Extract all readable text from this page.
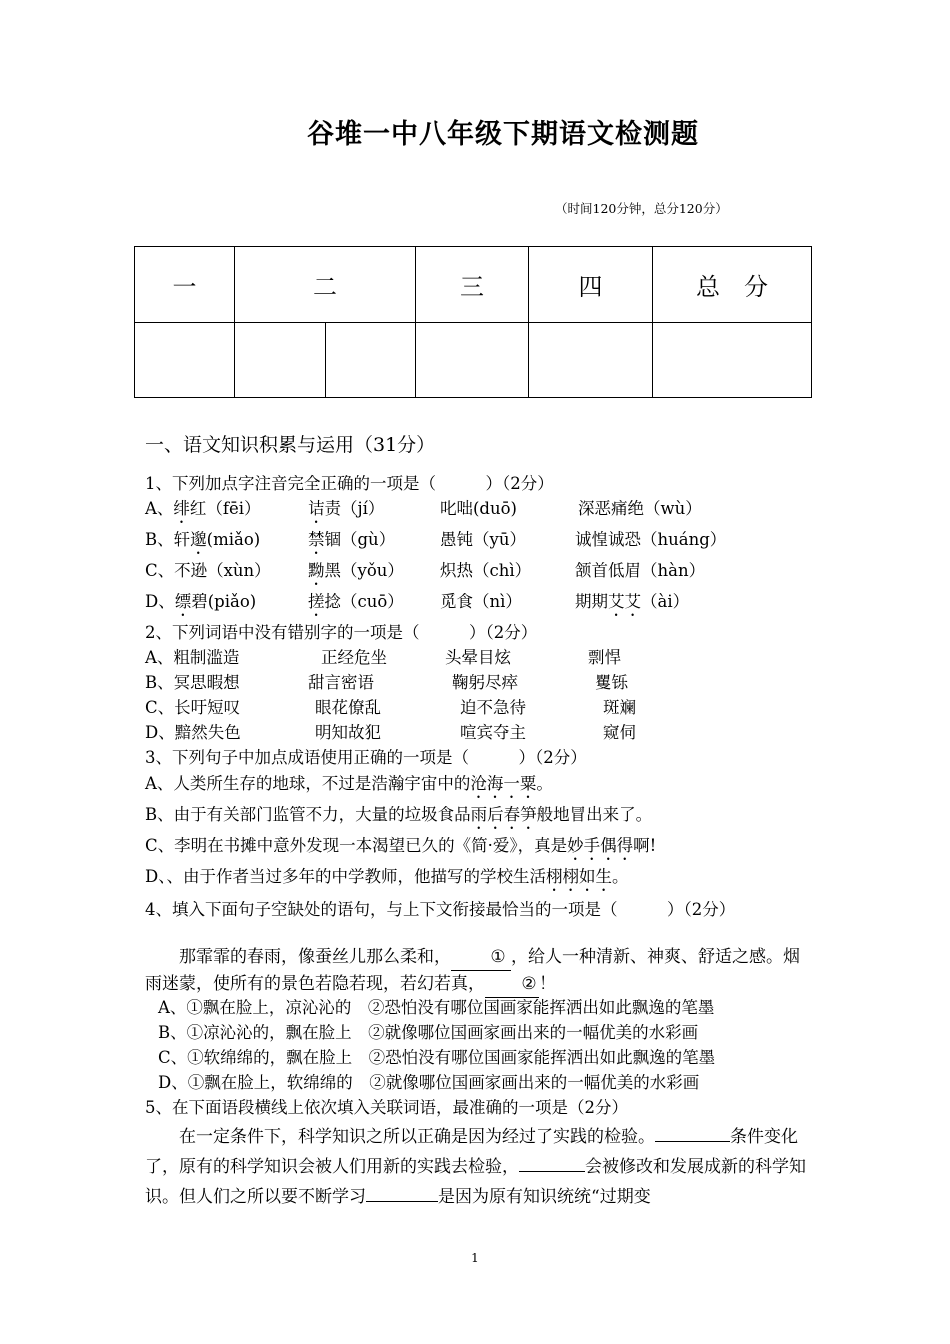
谷堆一中八年级下期语文检测题
（时间120分钟，总分120分）
一	二		三	四	总　分

一、语文知识积累与运用（31分）
1、下列加点字注音完全正确的一项是（　　　）（2分）
A、绯红（fēi）	诘责（jí）	叱咄(duō)	深恶痛绝（wù）
B、轩邈(miǎo)	禁锢（gù）	愚钝（yū）	诚惶诚恐（huáng）
C、不逊（xùn） 黝黑（yǒu） 炽热（chì）	颔首低眉（hàn）
D、缥碧(piǎo)	搓捻（cuō） 觅食（nì）	期期艾艾（ài）
2、下列词语中没有错别字的一项是（　　　）（2分）
A、粗制滥造	正经危坐	头晕目炫	剽悍
B、冥思暇想	甜言密语	鞠躬尽瘁	矍铄
C、长吁短叹	眼花僚乱	迫不急待	斑斓
D、黯然失色	明知故犯	喧宾夺主	窥伺
3、下列句子中加点成语使用正确的一项是（　　　）（2分）
A、人类所生存的地球，不过是浩瀚宇宙中的沧海一粟。
B、由于有关部门监管不力，大量的垃圾食品雨后春笋般地冒出来了。
C、李明在书摊中意外发现一本渴望已久的《简·爱》，真是妙手偶得啊!
D、、由于作者当过多年的中学教师，他描写的学校生活栩栩如生。
4、填入下面句子空缺处的语句，与上下文衔接最恰当的一项是（　　　）（2分）
那霏霏的春雨，像蚕丝儿那么柔和， ① ，给人一种清新、神爽、舒适之感。烟雨迷蒙，使所有的景色若隐若现，若幻若真， ② ！
A、①飘在脸上，凉沁沁的　②恐怕没有哪位国画家能挥洒出如此飘逸的笔墨
B、①凉沁沁的，飘在脸上　②就像哪位国画家画出来的一幅优美的水彩画
C、①软绵绵的，飘在脸上　②恐怕没有哪位国画家能挥洒出如此飘逸的笔墨
D、①飘在脸上，软绵绵的　②就像哪位国画家画出来的一幅优美的水彩画
5、在下面语段横线上依次填入关联词语，最准确的一项是（2分）
在一定条件下，科学知识之所以正确是因为经过了实践的检验。	条件变化了，原有的科学知识会被人们用新的实践去检验，	会被修改和发展成新的科学知识。但人们之所以要不断学习	是因为原有知识统统“过期变
1
